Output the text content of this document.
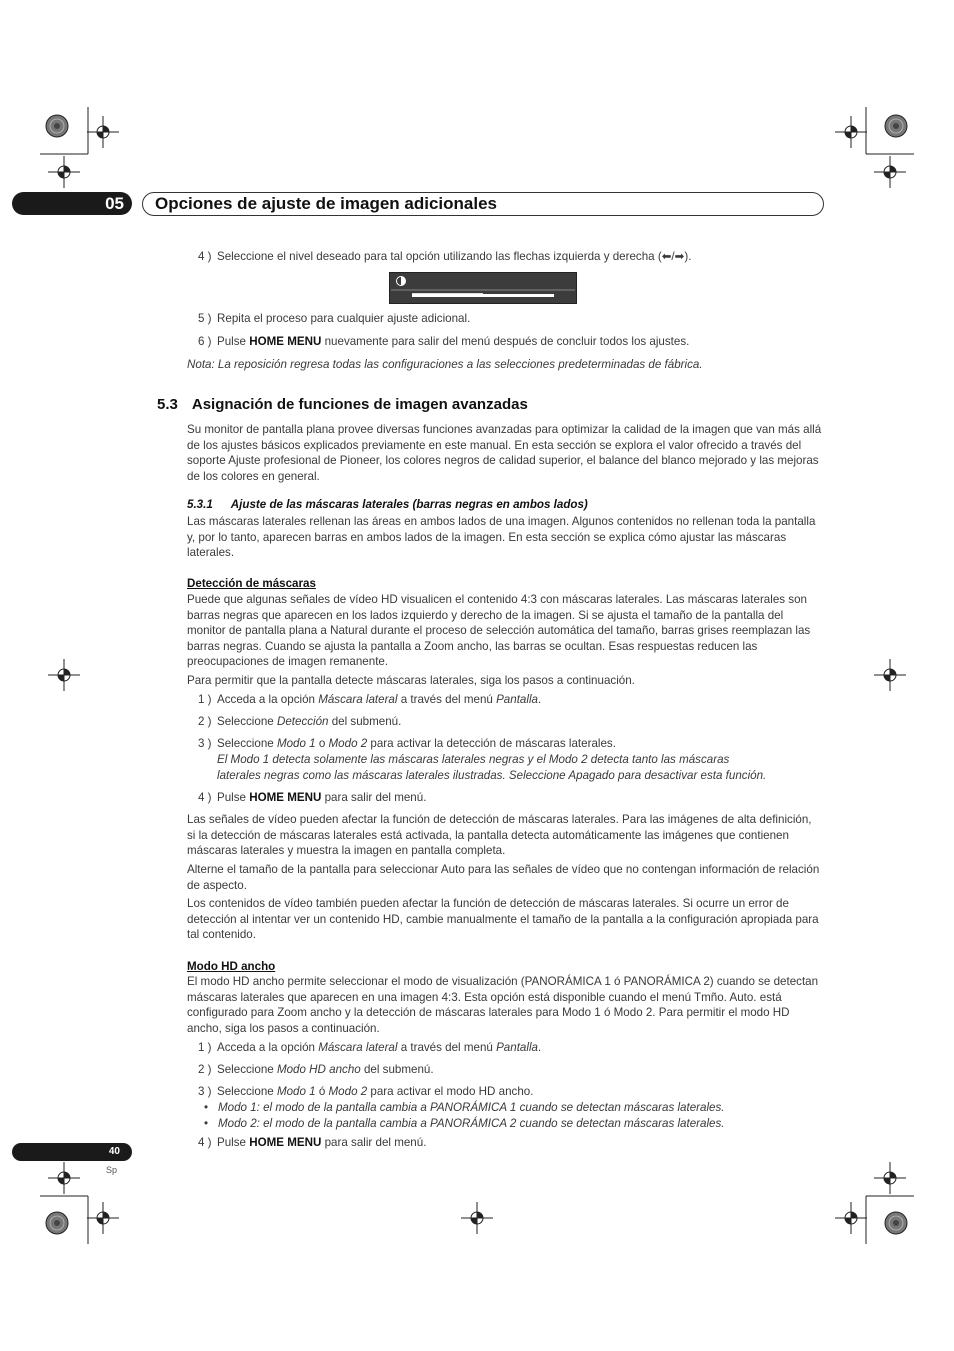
05 Opciones de ajuste de imagen adicionales
4 ) Seleccione el nivel deseado para tal opción utilizando las flechas izquierda y derecha (⬅/➡).
5 ) Repita el proceso para cualquier ajuste adicional.
6 ) Pulse HOME MENU nuevamente para salir del menú después de concluir todos los ajustes.
Nota: La reposición regresa todas las configuraciones a las selecciones predeterminadas de fábrica.
5.3 Asignación de funciones de imagen avanzadas
Su monitor de pantalla plana provee diversas funciones avanzadas para optimizar la calidad de la imagen que van más allá de los ajustes básicos explicados previamente en este manual. En esta sección se explora el valor ofrecido a través del soporte Ajuste profesional de Pioneer, los colores negros de calidad superior, el balance del blanco mejorado y las mejoras de los colores en general.
5.3.1 Ajuste de las máscaras laterales (barras negras en ambos lados)
Las máscaras laterales rellenan las áreas en ambos lados de una imagen. Algunos contenidos no rellenan toda la pantalla y, por lo tanto, aparecen barras en ambos lados de la imagen. En esta sección se explica cómo ajustar las máscaras laterales.
Detección de máscaras
Puede que algunas señales de vídeo HD visualicen el contenido 4:3 con máscaras laterales. Las máscaras laterales son barras negras que aparecen en los lados izquierdo y derecho de la imagen. Si se ajusta el tamaño de la pantalla del monitor de pantalla plana a Natural durante el proceso de selección automática del tamaño, barras grises reemplazan las barras negras. Cuando se ajusta la pantalla a Zoom ancho, las barras se ocultan. Esas respuestas reducen las preocupaciones de imagen remanente.
Para permitir que la pantalla detecte máscaras laterales, siga los pasos a continuación.
1 ) Acceda a la opción Máscara lateral a través del menú Pantalla.
2 ) Seleccione Detección del submenú.
3 ) Seleccione Modo 1 o Modo 2 para activar la detección de máscaras laterales.
El Modo 1 detecta solamente las máscaras laterales negras y el Modo 2 detecta tanto las máscaras
laterales negras como las máscaras laterales ilustradas. Seleccione Apagado para desactivar esta función.
4 ) Pulse HOME MENU para salir del menú.
Las señales de vídeo pueden afectar la función de detección de máscaras laterales. Para las imágenes de alta definición, si la detección de máscaras laterales está activada, la pantalla detecta automáticamente las imágenes que contienen máscaras laterales y muestra la imagen en pantalla completa.
Alterne el tamaño de la pantalla para seleccionar Auto para las señales de vídeo que no contengan información de relación de aspecto.
Los contenidos de vídeo también pueden afectar la función de detección de máscaras laterales. Si ocurre un error de detección al intentar ver un contenido HD, cambie manualmente el tamaño de la pantalla a la configuración apropiada para tal contenido.
Modo HD ancho
El modo HD ancho permite seleccionar el modo de visualización (PANORÁMICA 1 ó PANORÁMICA 2) cuando se detectan máscaras laterales que aparecen en una imagen 4:3. Esta opción está disponible cuando el menú Tmño. Auto. está configurado para Zoom ancho y la detección de máscaras laterales para Modo 1 ó Modo 2. Para permitir el modo HD ancho, siga los pasos a continuación.
1 ) Acceda a la opción Máscara lateral a través del menú Pantalla.
2 ) Seleccione Modo HD ancho del submenú.
3 ) Seleccione Modo 1 ó Modo 2 para activar el modo HD ancho.
• Modo 1: el modo de la pantalla cambia a PANORÁMICA 1 cuando se detectan máscaras laterales.
• Modo 2: el modo de la pantalla cambia a PANORÁMICA 2 cuando se detectan máscaras laterales.
4 ) Pulse HOME MENU para salir del menú.
40
Sp
